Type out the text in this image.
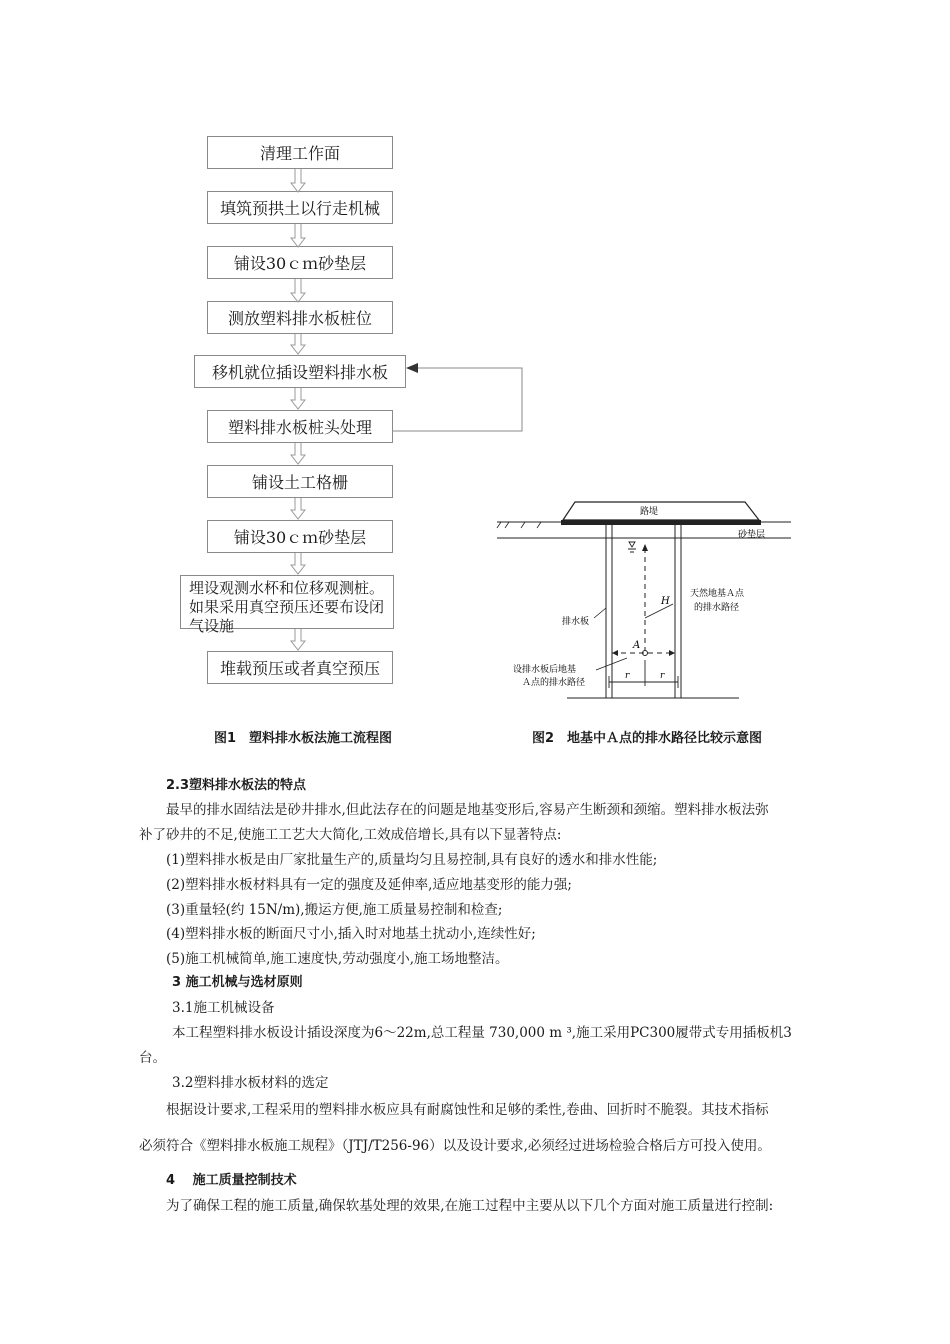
清理工作面
填筑预拱土以行走机械
铺设30ｃｍ砂垫层
测放塑料排水板桩位
移机就位插设塑料排水板
塑料排水板桩头处理
铺设土工格栅
铺设30ｃｍ砂垫层
埋设观测水杯和位移观测桩。
如果采用真空预压还要布设闭
气设施
堆载预压或者真空预压
图1　塑料排水板法施工流程图
路堤
砂垫层
排水板
H
A
天然地基Ａ点
的排水路径
设排水板后地基
Ａ点的排水路径
r	r
图2　地基中Ａ点的排水路径比较示意图
2.3塑料排水板法的特点
最早的排水固结法是砂井排水,但此法存在的问题是地基变形后,容易产生断颈和颈缩。塑料排水板法弥
补了砂井的不足,使施工工艺大大简化,工效成倍增长,具有以下显著特点:
(1)塑料排水板是由厂家批量生产的,质量均匀且易控制,具有良好的透水和排水性能;
(2)塑料排水板材料具有一定的强度及延伸率,适应地基变形的能力强;
(3)重量轻(约 15N/m),搬运方便,施工质量易控制和检查;
(4)塑料排水板的断面尺寸小,插入时对地基土扰动小,连续性好;
(5)施工机械简单,施工速度快,劳动强度小,施工场地整洁。
3 施工机械与选材原则
3.1施工机械设备
本工程塑料排水板设计插设深度为6～22m,总工程量 730,000 m ³,施工采用PC300履带式专用插板机3
台。
3.2塑料排水板材料的选定
根据设计要求,工程采用的塑料排水板应具有耐腐蚀性和足够的柔性,卷曲、回折时不脆裂。其技术指标
必须符合《塑料排水板施工规程》（JTJ/T256-96）以及设计要求,必须经过进场检验合格后方可投入使用。
4　 施工质量控制技术
为了确保工程的施工质量,确保软基处理的效果,在施工过程中主要从以下几个方面对施工质量进行控制:
